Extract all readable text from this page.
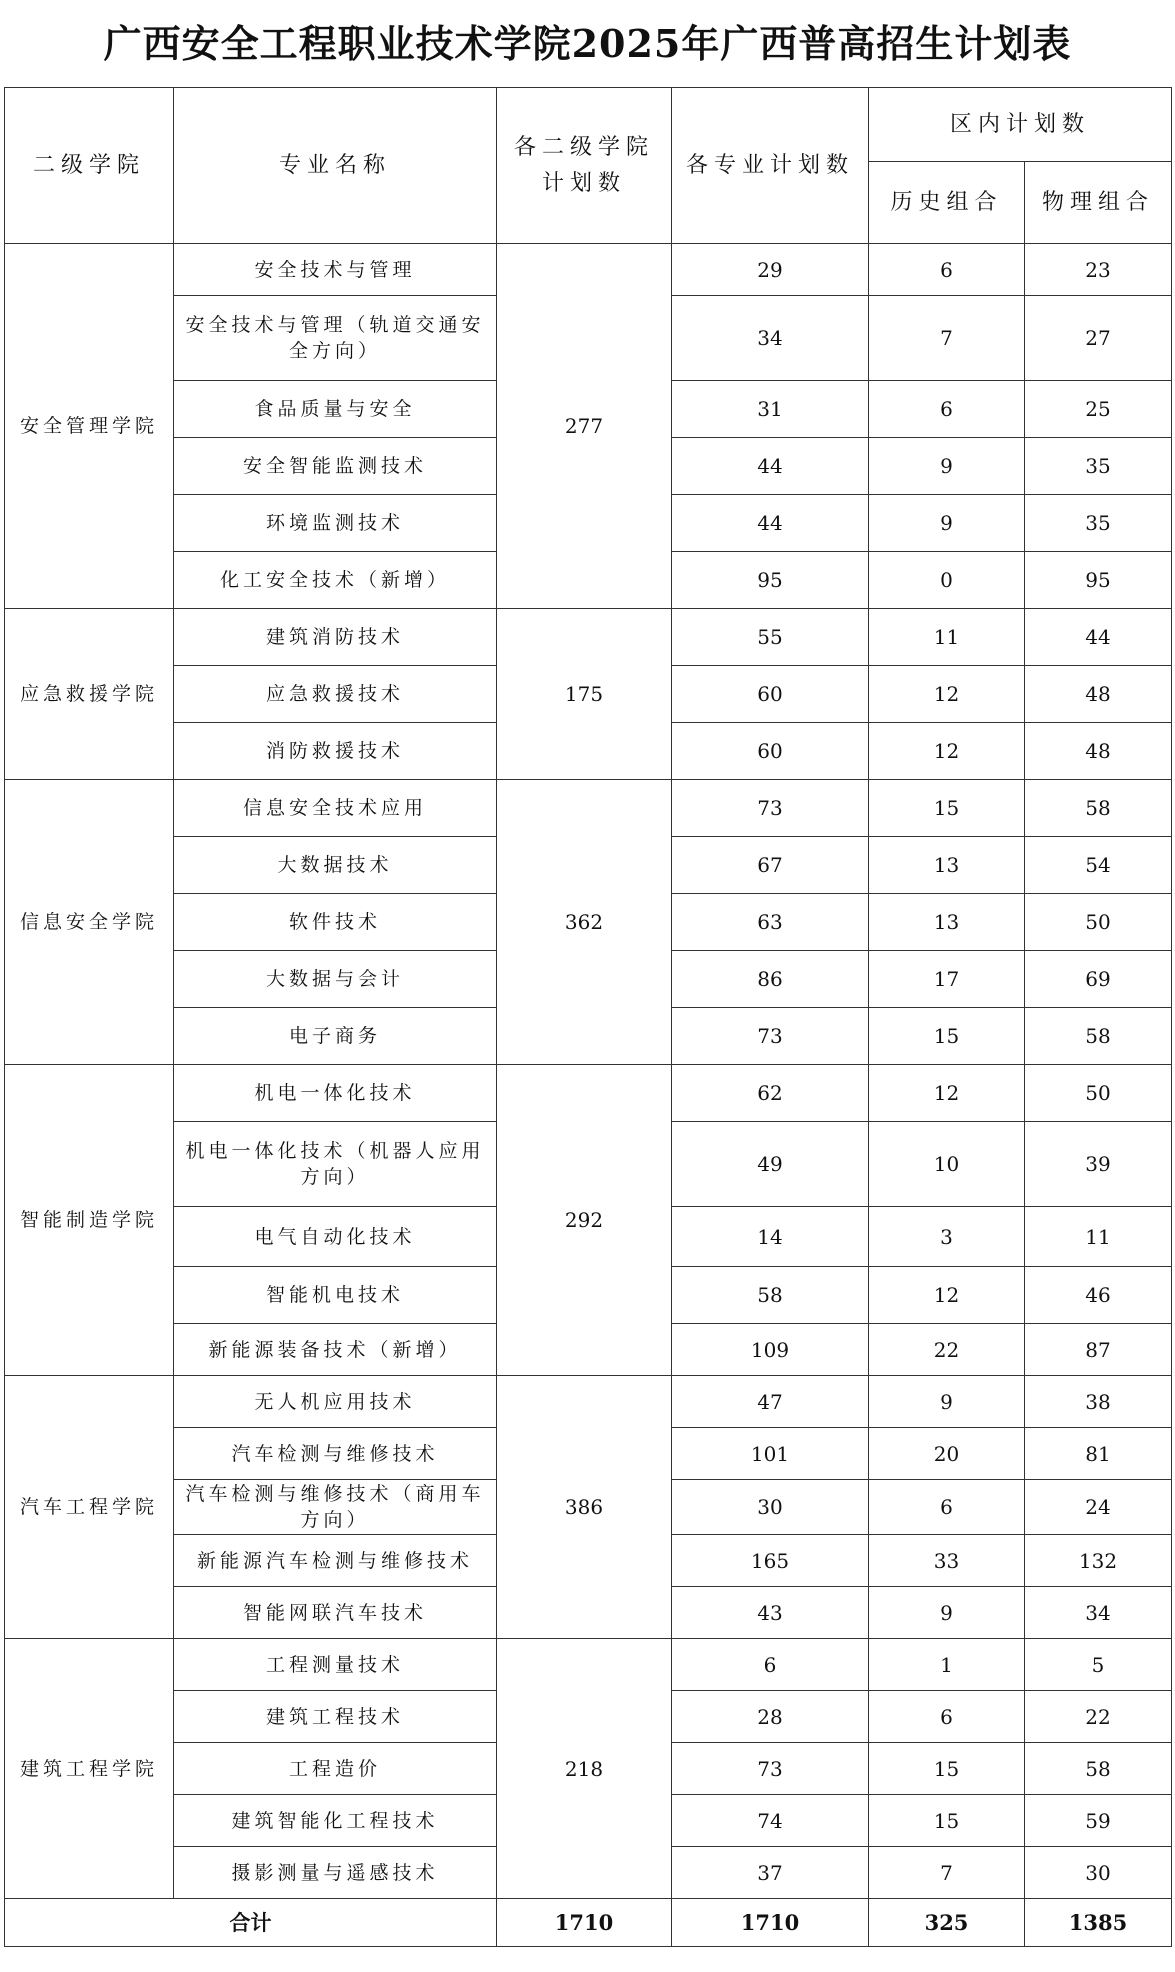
广西安全工程职业技术学院2025年广西普高招生计划表
二级学院	专业名称	各二级学院计划数	各专业计划数	区内计划数	
				历史组合	物理组合
安全管理学院	安全技术与管理	277	29	6	23
	安全技术与管理（轨道交通安全方向）		34	7	27
	食品质量与安全		31	6	25
	安全智能监测技术		44	9	35
	环境监测技术		44	9	35
	化工安全技术（新增）		95	0	95
应急救援学院	建筑消防技术	175	55	11	44
	应急救援技术		60	12	48
	消防救援技术		60	12	48
信息安全学院	信息安全技术应用	362	73	15	58
	大数据技术		67	13	54
	软件技术		63	13	50
	大数据与会计		86	17	69
	电子商务		73	15	58
智能制造学院	机电一体化技术	292	62	12	50
	机电一体化技术（机器人应用方向）		49	10	39
	电气自动化技术		14	3	11
	智能机电技术		58	12	46
	新能源装备技术（新增）		109	22	87
汽车工程学院	无人机应用技术	386	47	9	38
	汽车检测与维修技术		101	20	81
	汽车检测与维修技术（商用车方向）		30	6	24
	新能源汽车检测与维修技术		165	33	132
	智能网联汽车技术		43	9	34
建筑工程学院	工程测量技术	218	6	1	5
	建筑工程技术		28	6	22
	工程造价		73	15	58
	建筑智能化工程技术		74	15	59
	摄影测量与遥感技术		37	7	30
合计		1710	1710	325	1385
